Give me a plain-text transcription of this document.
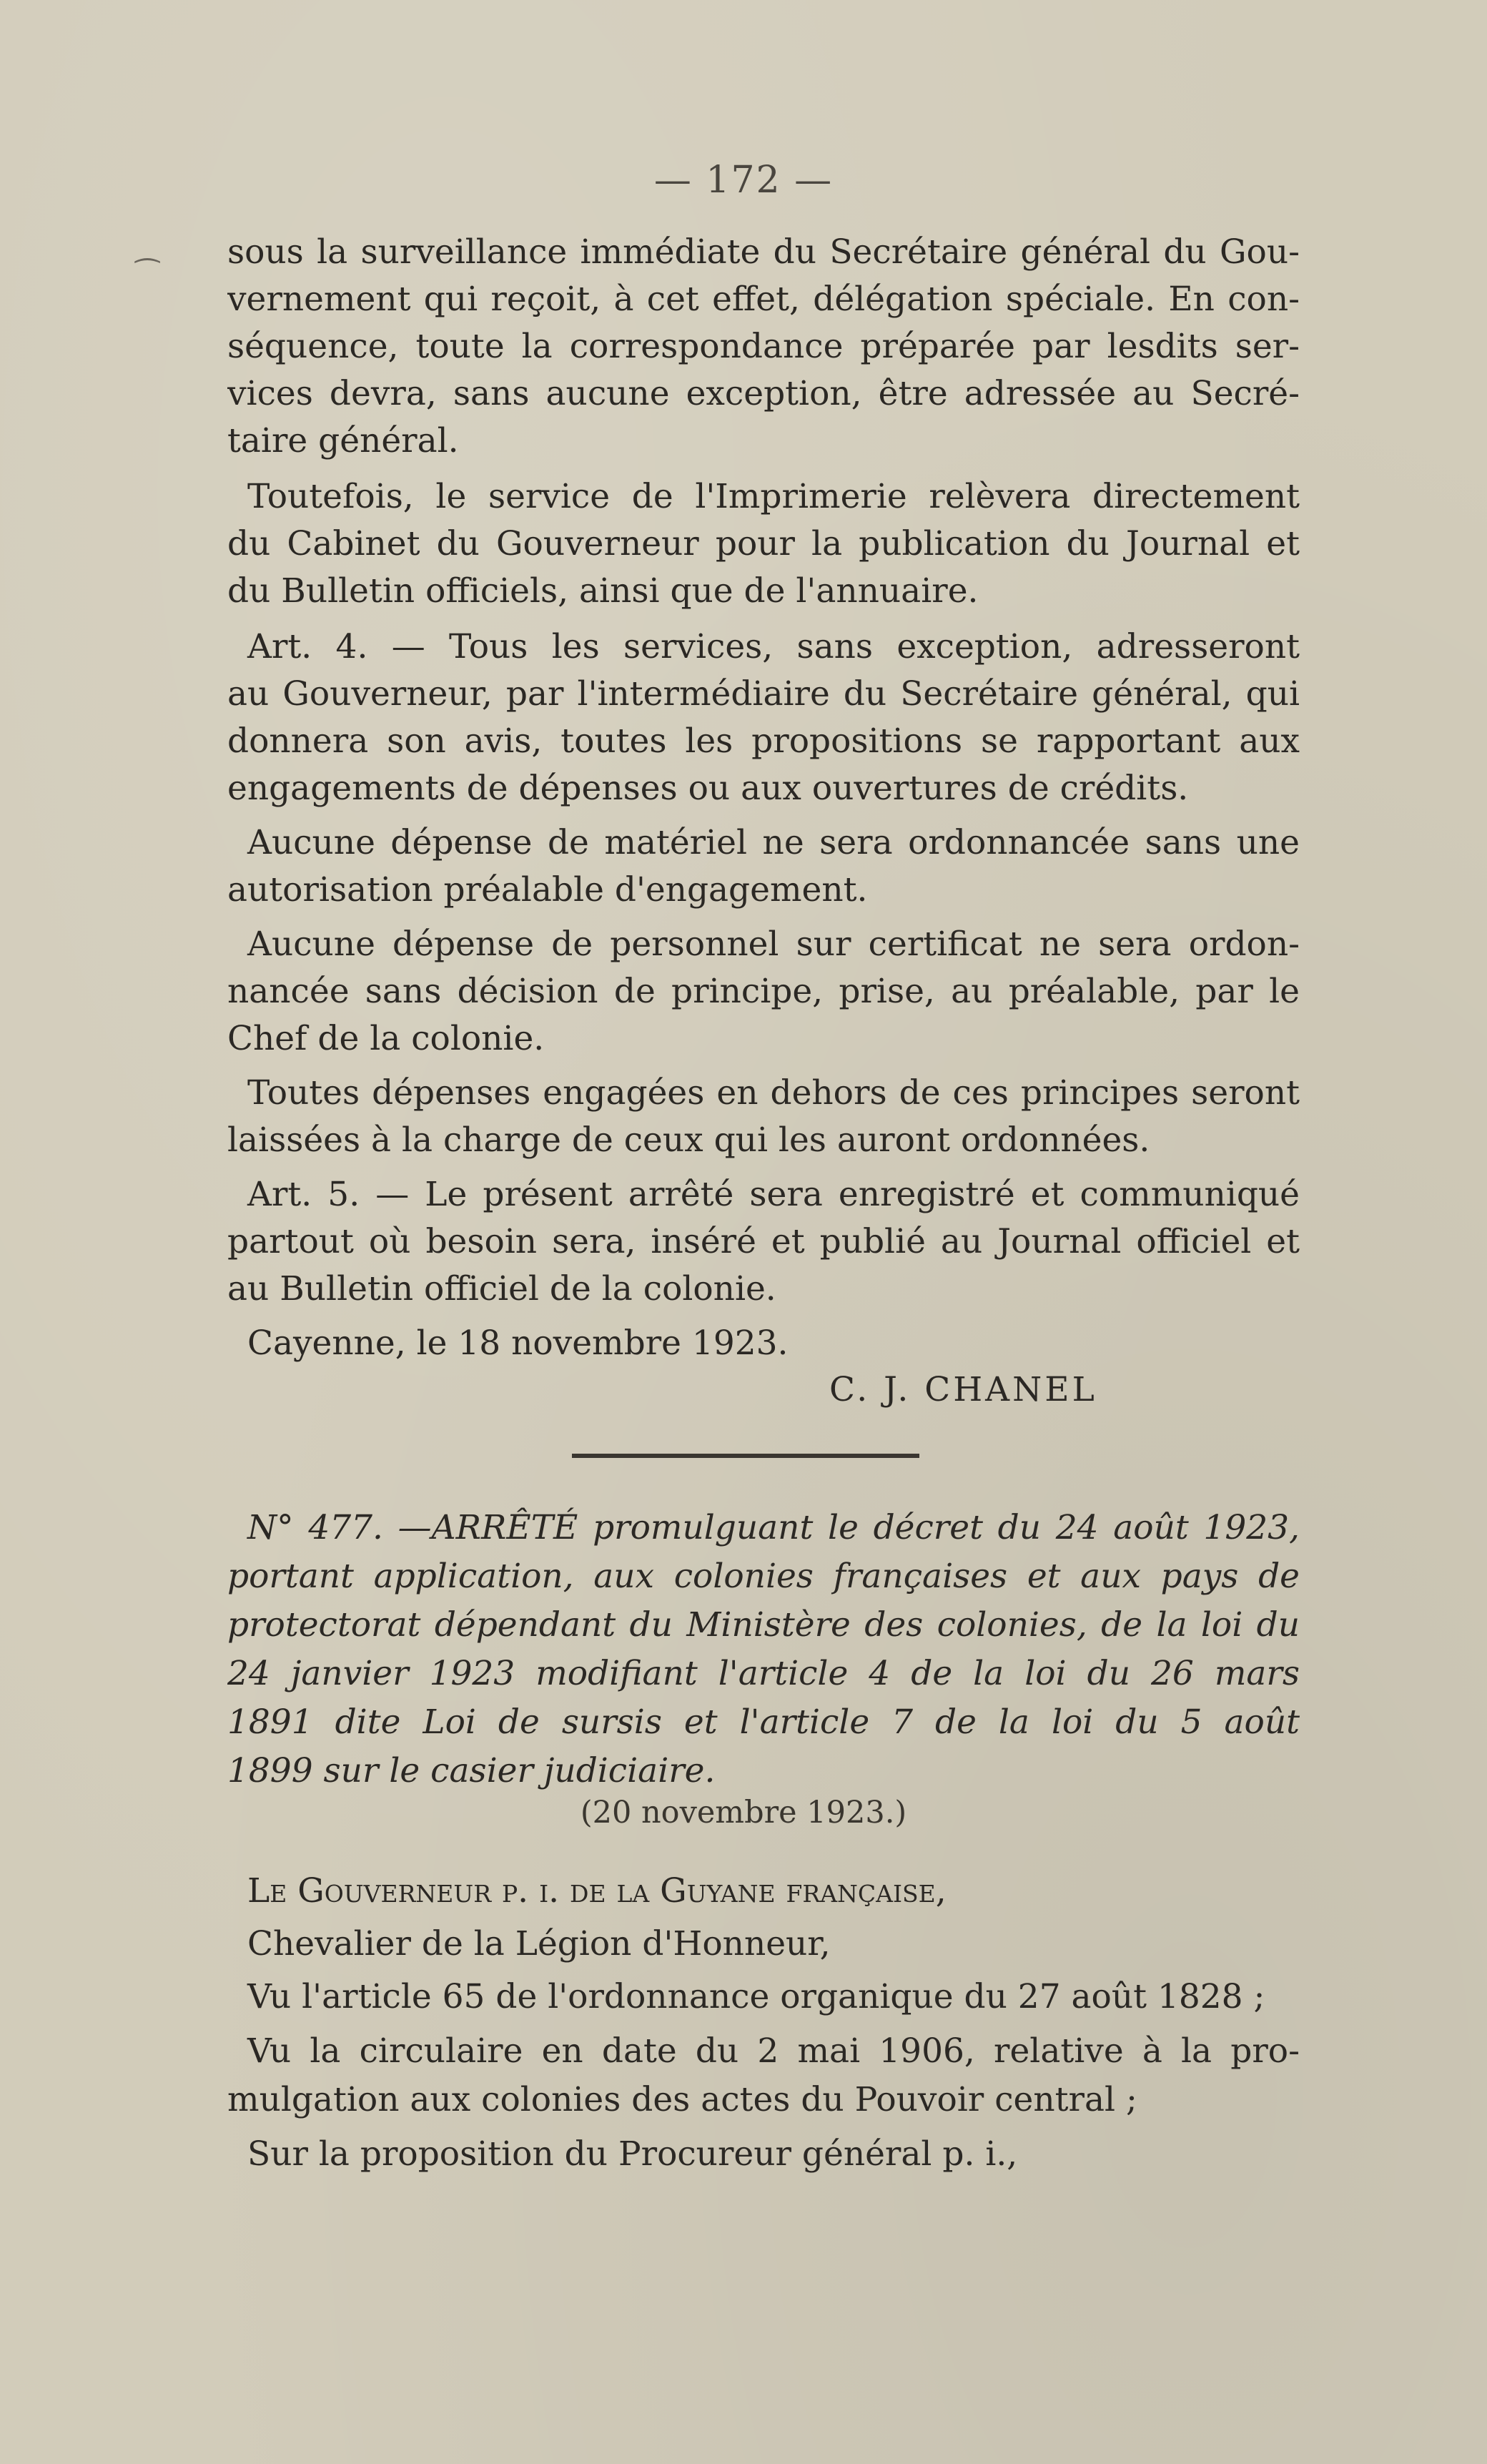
— 172 —
⁀
sous la surveillance immédiate du Secrétaire général du Gou-
vernement qui reçoit, à cet effet, délégation spéciale. En con-
séquence, toute la correspondance préparée par lesdits ser-
vices devra, sans aucune exception, être adressée au Secré-
taire général.
Toutefois, le service de l'Imprimerie relèvera directement
du Cabinet du Gouverneur pour la publication du Journal et
du Bulletin officiels, ainsi que de l'annuaire.
Art. 4. — Tous les services, sans exception, adresseront
au Gouverneur, par l'intermédiaire du Secrétaire général, qui
donnera son avis, toutes les propositions se rapportant aux
engagements de dépenses ou aux ouvertures de crédits.
Aucune dépense de matériel ne sera ordonnancée sans une
autorisation préalable d'engagement.
Aucune dépense de personnel sur certificat ne sera ordon-
nancée sans décision de principe, prise, au préalable, par le
Chef de la colonie.
Toutes dépenses engagées en dehors de ces principes seront
laissées à la charge de ceux qui les auront ordonnées.
Art. 5. — Le présent arrêté sera enregistré et communiqué
partout où besoin sera, inséré et publié au Journal officiel et
au Bulletin officiel de la colonie.
Cayenne, le 18 novembre 1923.
N° 477. —ARRÊTÉ promulguant le décret du 24 août 1923,
portant application, aux colonies françaises et aux pays de
protectorat dépendant du Ministère des colonies, de la loi du
24 janvier 1923 modifiant l'article 4 de la loi du 26 mars
1891 dite Loi de sursis et l'article 7 de la loi du 5 août
1899 sur le casier judiciaire.
Le Gouverneur p. i. de la Guyane française,
Chevalier de la Légion d'Honneur,
Vu l'article 65 de l'ordonnance organique du 27 août 1828 ;
Vu la circulaire en date du 2 mai 1906, relative à la pro-
mulgation aux colonies des actes du Pouvoir central ;
Sur la proposition du Procureur général p. i.,
C. J. CHANEL
(20 novembre 1923.)
